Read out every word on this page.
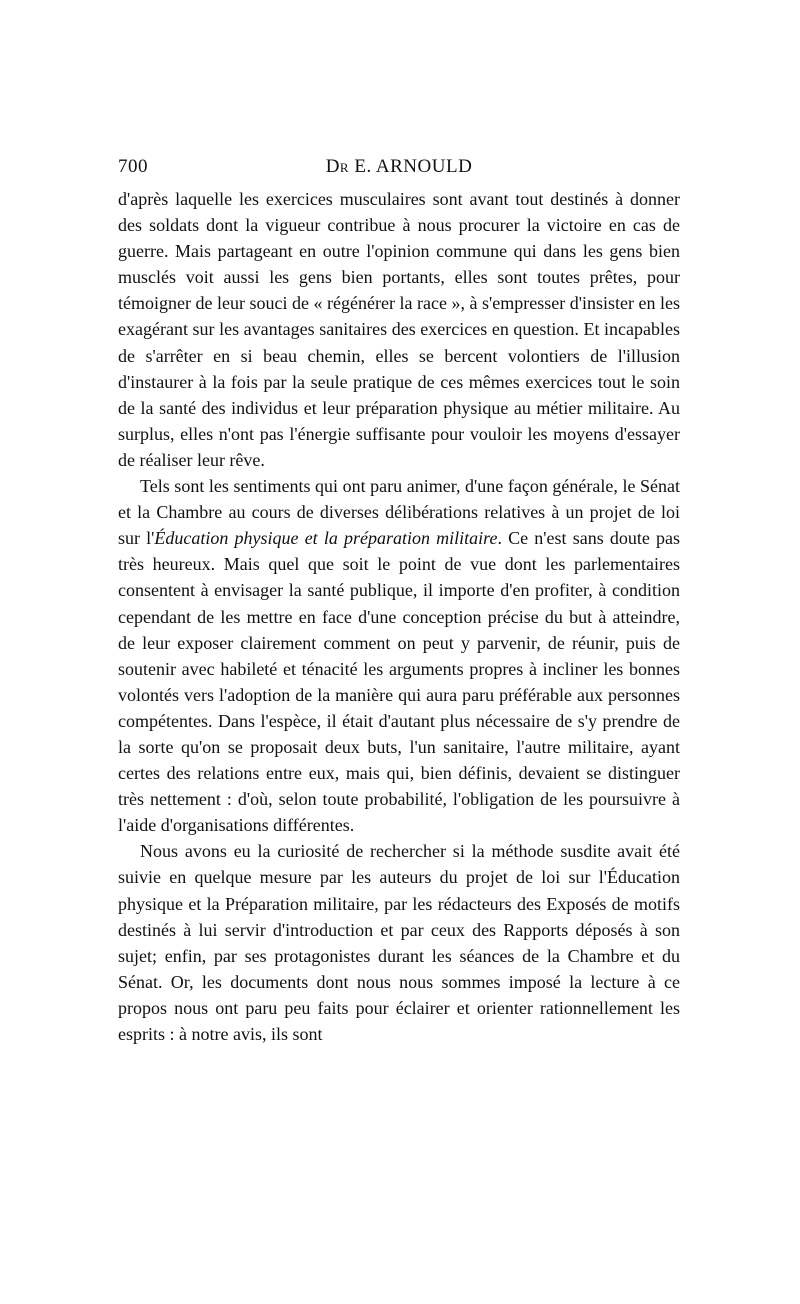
700	Dr E. ARNOULD

d'après laquelle les exercices musculaires sont avant tout destinés à donner des soldats dont la vigueur contribue à nous procurer la victoire en cas de guerre. Mais partageant en outre l'opinion commune qui dans les gens bien musclés voit aussi les gens bien portants, elles sont toutes prêtes, pour témoigner de leur souci de « régénérer la race », à s'empresser d'insister en les exagérant sur les avantages sanitaires des exercices en question. Et incapables de s'arrêter en si beau chemin, elles se bercent volontiers de l'illusion d'instaurer à la fois par la seule pratique de ces mêmes exercices tout le soin de la santé des individus et leur préparation physique au métier militaire. Au surplus, elles n'ont pas l'énergie suffisante pour vouloir les moyens d'essayer de réaliser leur rêve.

Tels sont les sentiments qui ont paru animer, d'une façon générale, le Sénat et la Chambre au cours de diverses délibérations relatives à un projet de loi sur l'Éducation physique et la préparation militaire. Ce n'est sans doute pas très heureux. Mais quel que soit le point de vue dont les parlementaires consentent à envisager la santé publique, il importe d'en profiter, à condition cependant de les mettre en face d'une conception précise du but à atteindre, de leur exposer clairement comment on peut y parvenir, de réunir, puis de soutenir avec habileté et ténacité les arguments propres à incliner les bonnes volontés vers l'adoption de la manière qui aura paru préférable aux personnes compétentes. Dans l'espèce, il était d'autant plus nécessaire de s'y prendre de la sorte qu'on se proposait deux buts, l'un sanitaire, l'autre militaire, ayant certes des relations entre eux, mais qui, bien définis, devaient se distinguer très nettement : d'où, selon toute probabilité, l'obligation de les poursuivre à l'aide d'organisations différentes.

Nous avons eu la curiosité de rechercher si la méthode susdite avait été suivie en quelque mesure par les auteurs du projet de loi sur l'Éducation physique et la Préparation militaire, par les rédacteurs des Exposés de motifs destinés à lui servir d'introduction et par ceux des Rapports déposés à son sujet; enfin, par ses protagonistes durant les séances de la Chambre et du Sénat. Or, les documents dont nous nous sommes imposé la lecture à ce propos nous ont paru peu faits pour éclairer et orienter rationnellement les esprits : à notre avis, ils sont
